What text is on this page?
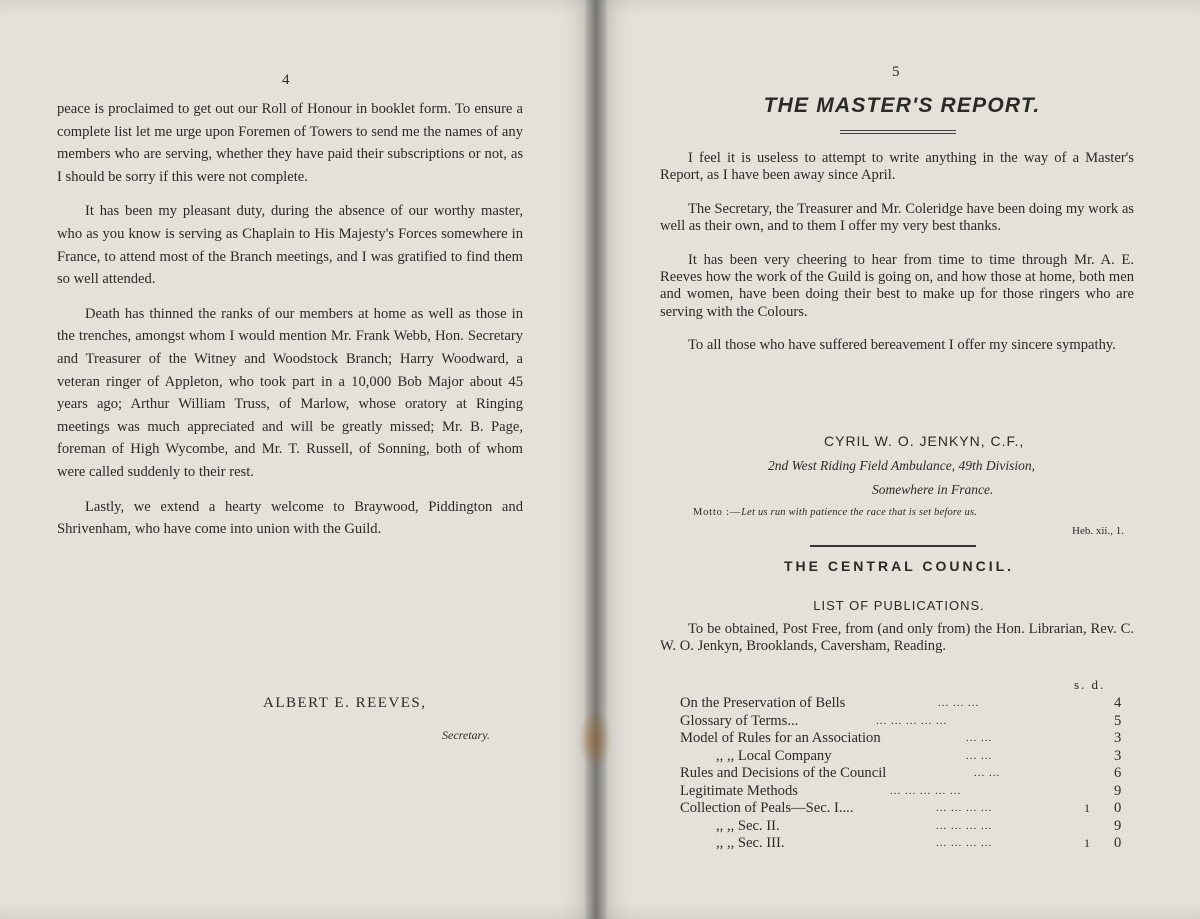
4

peace is proclaimed to get out our Roll of Honour in booklet form. To ensure a complete list let me urge upon Foremen of Towers to send me the names of any members who are serving, whether they have paid their subscriptions or not, as I should be sorry if this were not complete.

It has been my pleasant duty, during the absence of our worthy master, who as you know is serving as Chaplain to His Majesty's Forces somewhere in France, to attend most of the Branch meetings, and I was gratified to find them so well attended.

Death has thinned the ranks of our members at home as well as those in the trenches, amongst whom I would mention Mr. Frank Webb, Hon. Secretary and Treasurer of the Witney and Woodstock Branch; Harry Woodward, a veteran ringer of Appleton, who took part in a 10,000 Bob Major about 45 years ago; Arthur William Truss, of Marlow, whose oratory at Ringing meetings was much appreciated and will be greatly missed; Mr. B. Page, foreman of High Wycombe, and Mr. T. Russell, of Sonning, both of whom were called suddenly to their rest.

Lastly, we extend a hearty welcome to Braywood, Piddington and Shrivenham, who have come into union with the Guild.

ALBERT E. REEVES,
Secretary.
5
THE MASTER'S REPORT.

I feel it is useless to attempt to write anything in the way of a Master's Report, as I have been away since April.

The Secretary, the Treasurer and Mr. Coleridge have been doing my work as well as their own, and to them I offer my very best thanks.

It has been very cheering to hear from time to time through Mr. A. E. Reeves how the work of the Guild is going on, and how those at home, both men and women, have been doing their best to make up for those ringers who are serving with the Colours.

To all those who have suffered bereavement I offer my sincere sympathy.

CYRIL W. O. JENKYN, C.F.,
2nd West Riding Field Ambulance, 49th Division,
Somewhere in France.
Motto :—Let us run with patience the race that is set before us.
Heb. xii., 1.
THE CENTRAL COUNCIL.
LIST OF PUBLICATIONS.
To be obtained, Post Free, from (and only from) the Hon. Librarian, Rev. C. W. O. Jenkyn, Brooklands, Caversham, Reading.
s. d.
On the Preservation of Bells	... ... ...	4
Glossary of Terms...	... ... ... ... ...	5
Model of Rules for an Association	... ...	3
,, ,, Local Company	... ...	3
Rules and Decisions of the Council	... ...	6
Legitimate Methods	... ... ... ... ...	9
Collection of Peals—Sec. I....	... ... ... ...	1 0
,, ,, Sec. II.	... ... ... ...	9
,, ,, Sec. III.	... ... ... ...	1 0
